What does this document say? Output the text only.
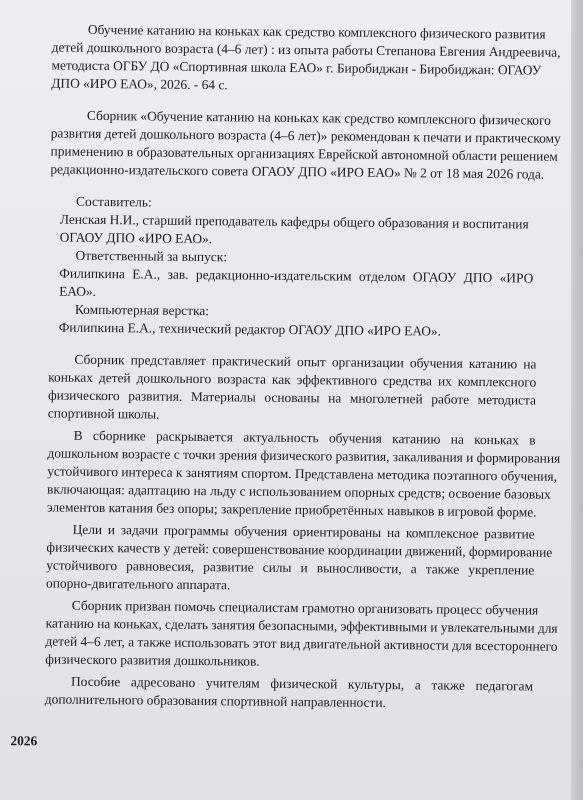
Обучение катанию на коньках как средство комплексного физического развития
детей дошкольного возраста (4–6 лет) : из опыта работы Степанова Евгения Андреевича,
методиста ОГБУ ДО «Спортивная школа ЕАО» г. Биробиджан - Биробиджан: ОГАОУ
ДПО «ИРО ЕАО», 2026. - 64 с.
Сборник «Обучение катанию на коньках как средство комплексного физического
развития детей дошкольного возраста (4–6 лет)» рекомендован к печати и практическому
применению в образовательных организациях Еврейской автономной области решением
редакционно-издательского совета ОГАОУ ДПО «ИРО ЕАО» № 2 от 18 мая 2026 года.
Составитель:
Ленская Н.И., старший преподаватель кафедры общего образования и воспитания
ОГАОУ ДПО «ИРО ЕАО».
Ответственный за выпуск:
Филипкина Е.А., зав. редакционно-издательским отделом ОГАОУ ДПО «ИРО
ЕАО».
Компьютерная верстка:
Филипкина Е.А., технический редактор ОГАОУ ДПО «ИРО ЕАО».
Сборник представляет практический опыт организации обучения катанию на
коньках детей дошкольного возраста как эффективного средства их комплексного
физического развития. Материалы основаны на многолетней работе методиста
спортивной школы.
В сборнике раскрывается актуальность обучения катанию на коньках в
дошкольном возрасте с точки зрения физического развития, закаливания и формирования
устойчивого интереса к занятиям спортом. Представлена методика поэтапного обучения,
включающая: адаптацию на льду с использованием опорных средств; освоение базовых
элементов катания без опоры; закрепление приобретённых навыков в игровой форме.
Цели и задачи программы обучения ориентированы на комплексное развитие
физических качеств у детей: совершенствование координации движений, формирование
устойчивого равновесия, развитие силы и выносливости, а также укрепление
опорно-двигательного аппарата.
Сборник призван помочь специалистам грамотно организовать процесс обучения
катанию на коньках, сделать занятия безопасными, эффективными и увлекательными для
детей 4–6 лет, а также использовать этот вид двигательной активности для всестороннего
физического развития дошкольников.
Пособие адресовано учителям физической культуры, а также педагогам
дополнительного образования спортивной направленности.
2026
